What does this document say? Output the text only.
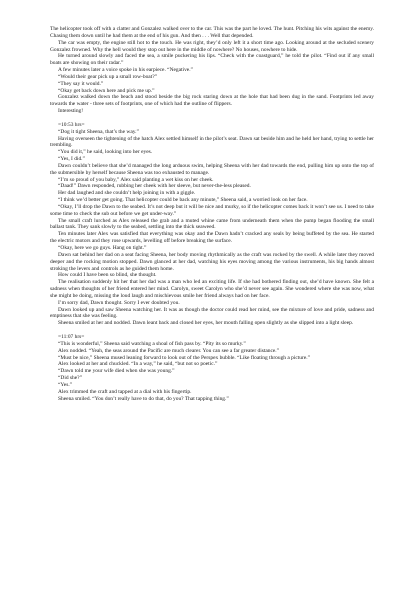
The helicopter took off with a clatter and Gonzalez walked over to the car. This was the part he loved. The hunt. Pitching his wits against the enemy. Chasing them down until he had them at the end of his gun. And then . . . Well that depended.

The car was empty, the engine still hot to the touch. He was right, they’d only left it a short time ago. Looking around at the secluded scenery Gonzalez frowned. Why the hell would they stop out here in the middle of nowhere? No houses, nowhere to hide.

He turned around slowly and faced the sea, a smile puckering his lips. “Check with the coastguard,” he told the pilot. “Find out if any small boats are showing on their radar.”

A few minutes later a voice spoke in his earpiece. “Negative.”

“Would their gear pick up a small row-boat?”

“They say it would.”

“Okay get back down here and pick me up.”

Gonzalez walked down the beach and stood beside the big rock staring down at the hole that had been dug in the sand. Footprints led away towards the water - three sets of footprints, one of which had the outline of flippers.

Interesting!

=10:53 hrs=

“Dog it tight Sheena, that’s the way.”

Having overseen the tightening of the hatch Alex settled himself in the pilot’s seat. Dawn sat beside him and he held her hand, trying to settle her trembling.

“You did it,” he said, looking into her eyes.

“Yes, I did.”

Dawn couldn’t believe that she’d managed the long arduous swim, helping Sheena with her dad towards the end, pulling him up onto the top of the submersible by herself because Sheena was too exhausted to manage.

“I’m so proud of you baby,” Alex said planting a wet kiss on her cheek.

“Daad!” Dawn responded, rubbing her cheek with her sleeve, but never-the-less pleased.

Her dad laughed and she couldn’t help joining in with a giggle.

“I think we’d better get going. That helicopter could be back any minute,” Sheena said, a worried look on her face.

“Okay, I’ll drop the Dawn to the seabed. It’s not deep but it will be nice and murky, so if the helicopter comes back it won’t see us. I need to take some time to check the sub out before we get under-way.”

The small craft lurched as Alex released the grab and a muted whine came from underneath them when the pump began flooding the small ballast tank. They sank slowly to the seabed, settling into the thick seaweed.

Ten minutes later Alex was satisfied that everything was okay and the Dawn hadn’t cracked any seals by being buffeted by the sea. He started the electric motors and they rose upwards, levelling off before breaking the surface.

“Okay, here we go guys. Hang on tight.”

Dawn sat behind her dad on a seat facing Sheena, her body moving rhythmically as the craft was rocked by the swell. A while later they moved deeper and the rocking motion stopped. Dawn glanced at her dad, watching his eyes moving among the various instruments, his big hands almost stroking the levers and controls as he guided them home.

How could I have been so blind, she thought.

The realisation suddenly hit her that her dad was a man who led an exciting life. If she had bothered finding out, she’d have known. She felt a sadness when thoughts of her friend entered her mind. Carolyn, sweet Carolyn who she’d never see again. She wondered where she was now, what she might be doing, missing the loud laugh and mischievous smile her friend always had on her face.

I’m sorry dad, Dawn thought. Sorry I ever doubted you.

Dawn looked up and saw Sheena watching her. It was as though the doctor could read her mind, see the mixture of love and pride, sadness and emptiness that she was feeling.

Sheena smiled at her and nodded. Dawn leant back and closed her eyes, her mouth falling open slightly as she slipped into a light sleep.

=11:07 hrs=

“This is wonderful,” Sheena said watching a shoal of fish pass by. “Pity its so murky.”

Alex nodded. “Yeah, the seas around the Pacific are much clearer. You can see a far greater distance.”

“Must be nice,” Sheena mused leaning forward to look out of the Perspex bubble. “Like floating through a picture.”

Alex looked at her and chuckled. “In a way,” he said, “but not so poetic.”

“Dawn told me your wife died when she was young.”

“Did she?”

“Yes.”

Alex trimmed the craft and tapped at a dial with his fingertip.

Sheena smiled. “You don’t really have to do that, do you? That tapping thing.”
